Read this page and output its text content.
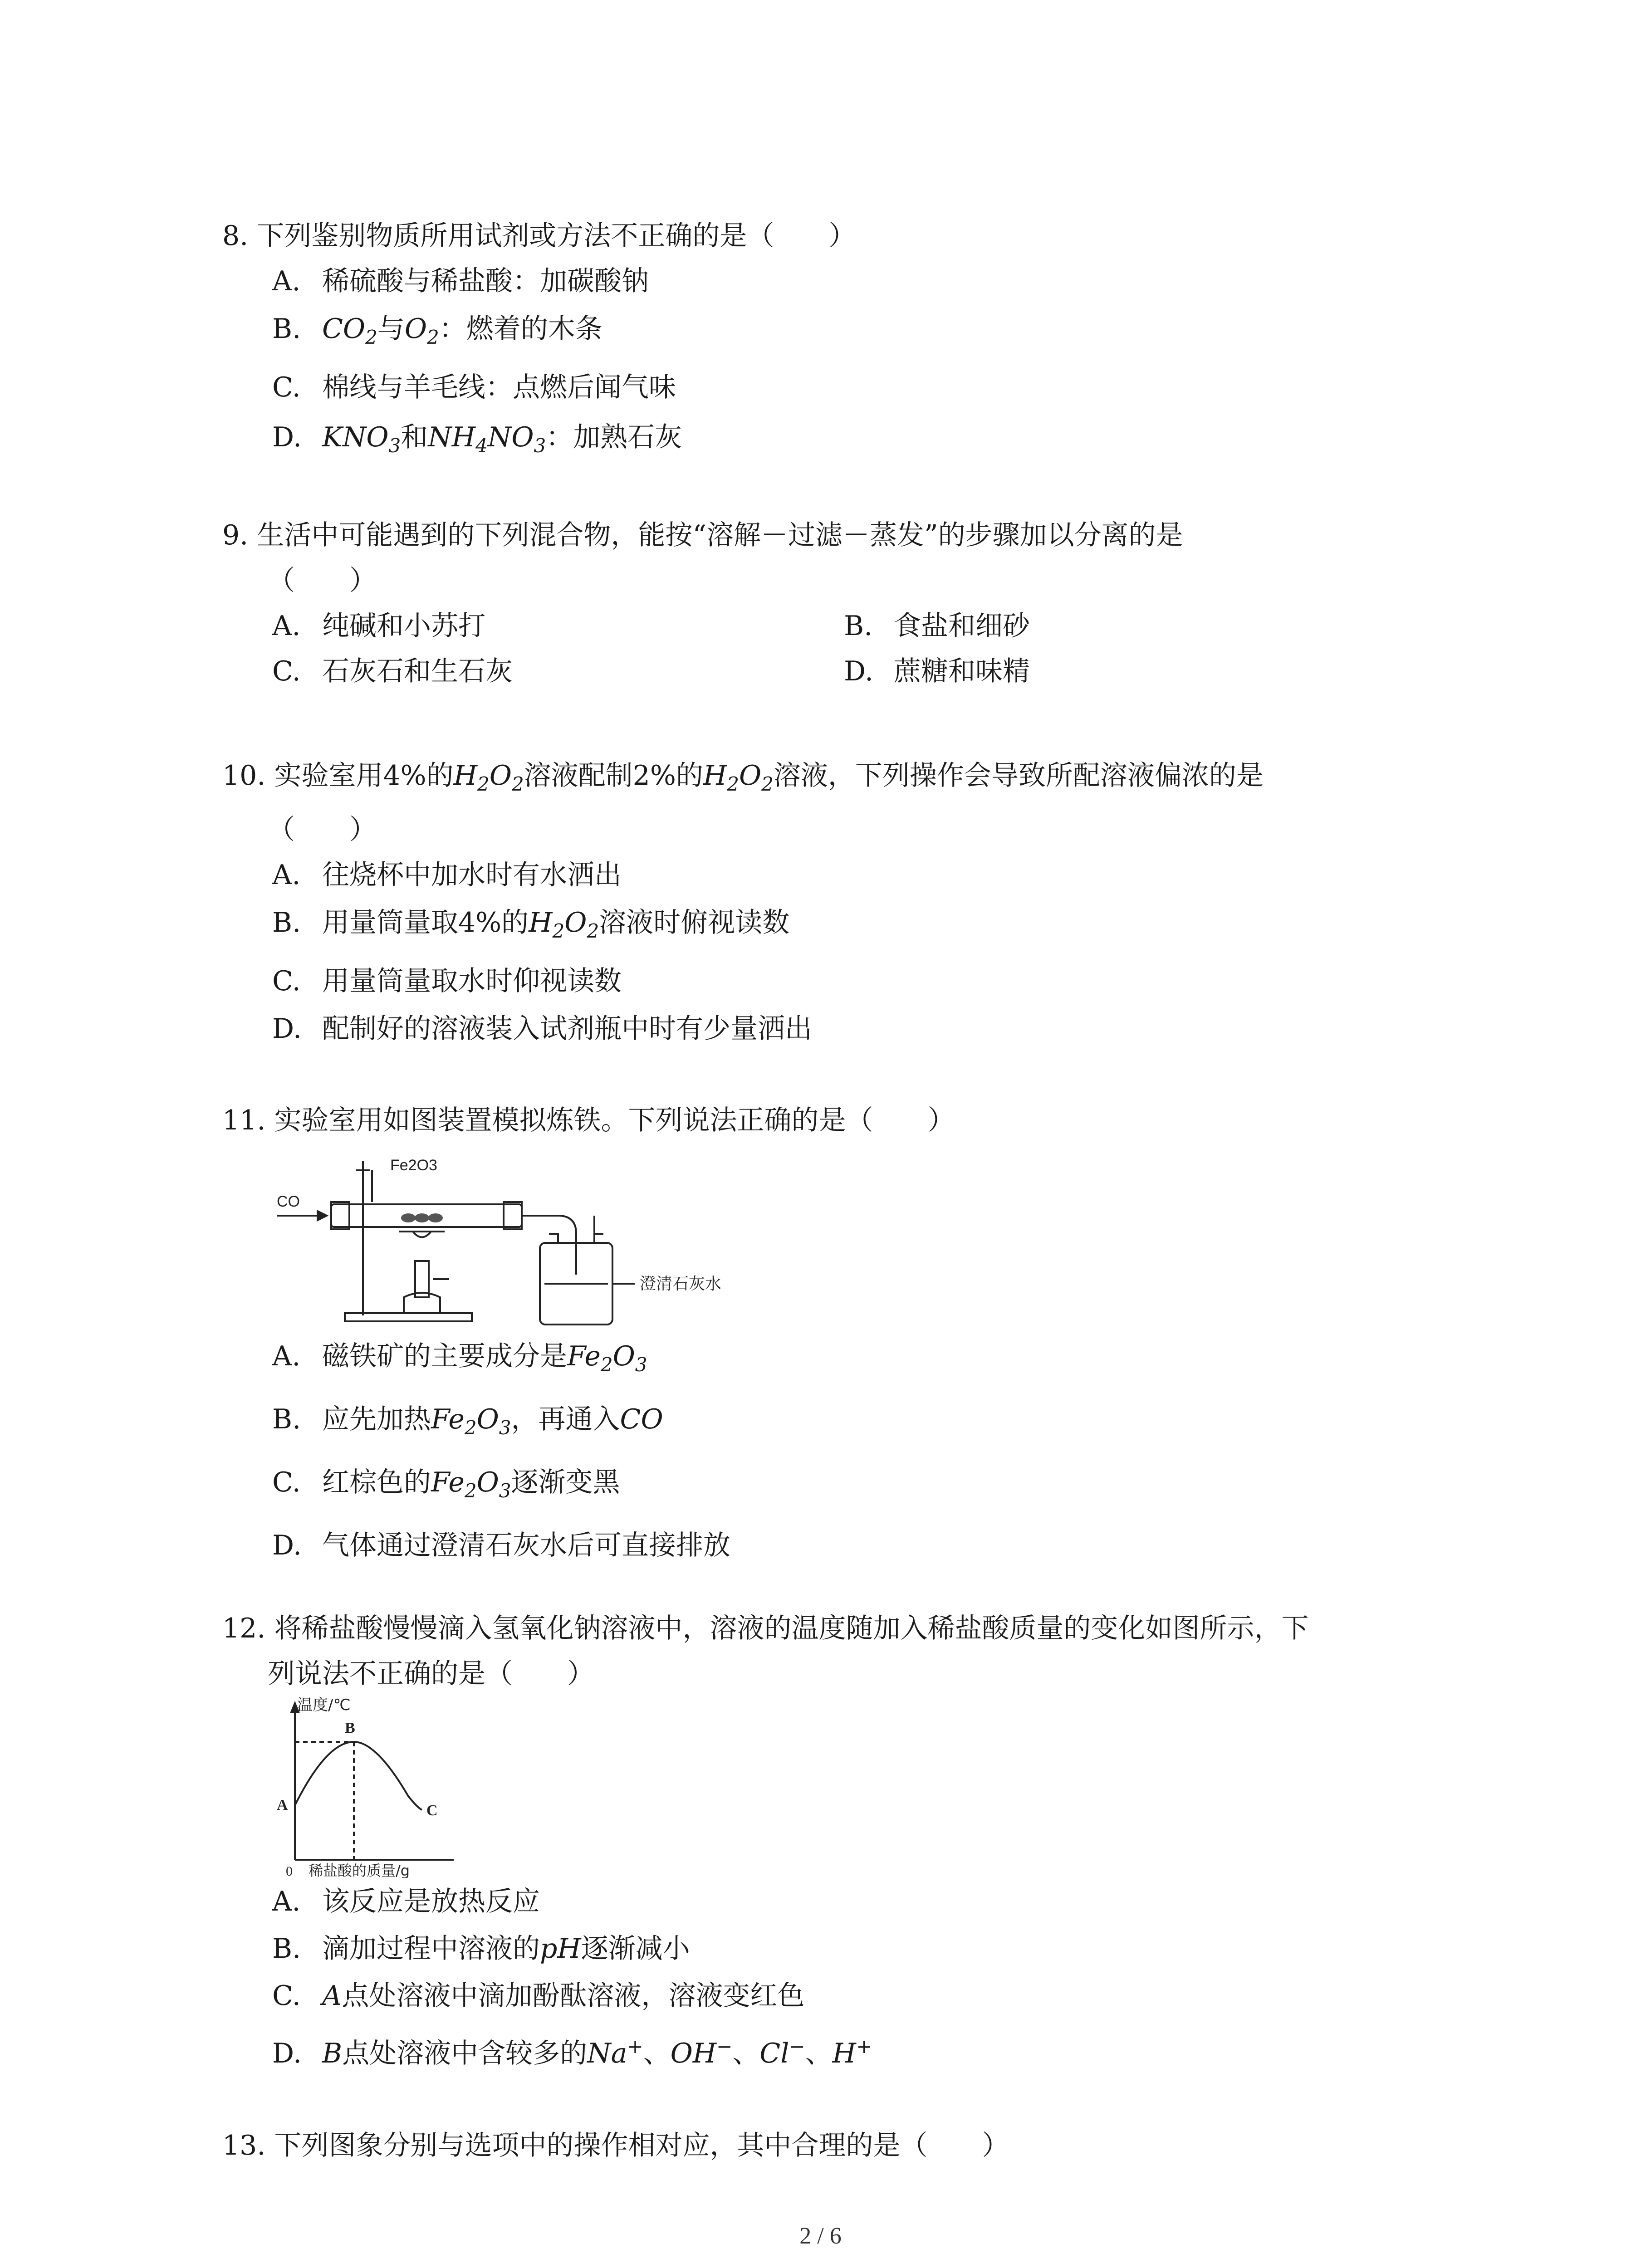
8. 下列鉴别物质所用试剂或方法不正确的是（　　）
A. 稀硫酸与稀盐酸：加碳酸钠
B. $CO_2$与$O_2$：燃着的木条
C. 棉线与羊毛线：点燃后闻气味
D. $KNO_3$和$NH_4NO_3$：加熟石灰
9. 生活中可能遇到的下列混合物，能按“溶解－过滤－蒸发”的步骤加以分离的是
（　　）
A. 纯碱和小苏打	B. 食盐和细砂
C. 石灰石和生石灰	D. 蔗糖和味精
10. 实验室用4%的$H_2O_2$溶液配制2%的$H_2O_2$溶液，下列操作会导致所配溶液偏浓的是
（　　）
A. 往烧杯中加水时有水洒出
B. 用量筒量取4%的$H_2O_2$溶液时俯视读数
C. 用量筒量取水时仰视读数
D. 配制好的溶液装入试剂瓶中时有少量洒出
11. 实验室用如图装置模拟炼铁。下列说法正确的是（　　）
CO
Fe2O3
澄清石灰水
A. 磁铁矿的主要成分是$Fe_2O_3$
B. 应先加热$Fe_2O_3$，再通入CO
C. 红棕色的$Fe_2O_3$逐渐变黑
D. 气体通过澄清石灰水后可直接排放
12. 将稀盐酸慢慢滴入氢氧化钠溶液中，溶液的温度随加入稀盐酸质量的变化如图所示，下
列说法不正确的是（　　）
温度/℃
B
A	C
0 稀盐酸的质量/g
A. 该反应是放热反应
B. 滴加过程中溶液的pH逐渐减小
C. A点处溶液中滴加酚酞溶液，溶液变红色
D. B点处溶液中含较多的Na+、OH−、Cl−、H+
13. 下列图象分别与选项中的操作相对应，其中合理的是（　　）
2 / 6
